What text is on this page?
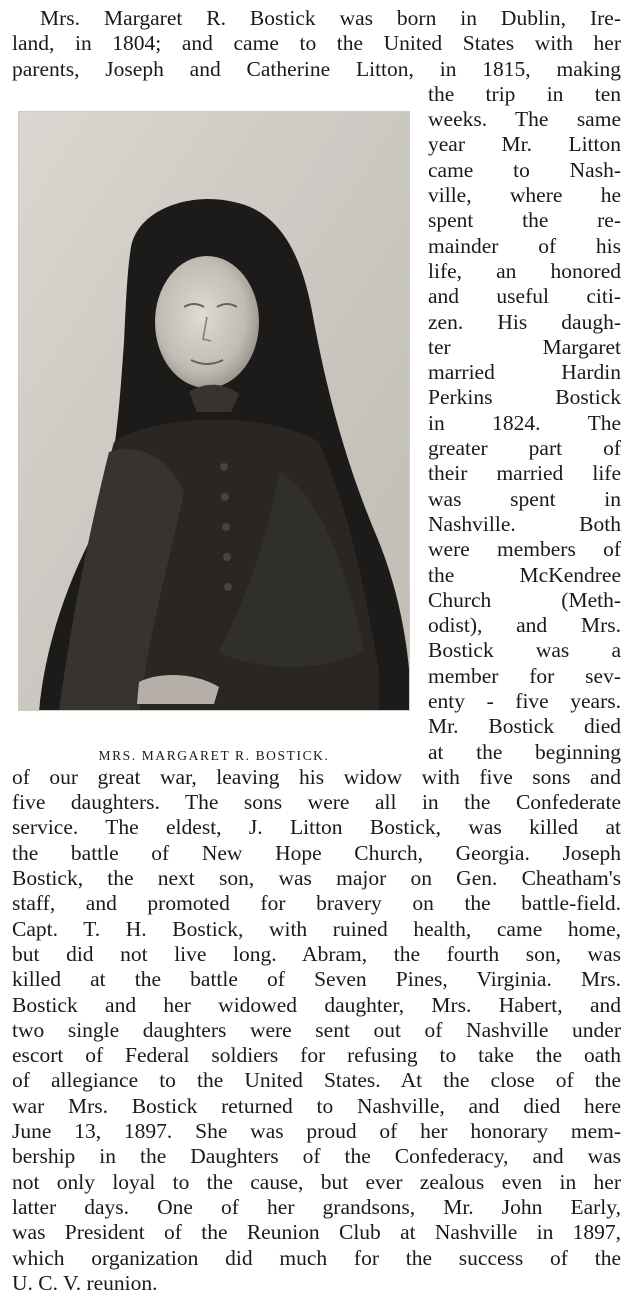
Mrs. Margaret R. Bostick was born in Dublin, Ire-
land, in 1804; and came to the United States with her
parents, Joseph and Catherine Litton, in 1815, making
MRS. MARGARET R. BOSTICK.
the trip in ten
weeks. The same
year Mr. Litton
came to Nash-
ville, where he
spent the re-
mainder of his
life, an honored
and useful citi-
zen. His daugh-
ter Margaret
married Hardin
Perkins Bostick
in 1824. The
greater part of
their married life
was spent in
Nashville. Both
were members of
the McKendree
Church (Meth-
odist), and Mrs.
Bostick was a
member for sev-
enty - five years.
Mr. Bostick died
at the beginning
of our great war, leaving his widow with five sons and
five daughters. The sons were all in the Confederate
service. The eldest, J. Litton Bostick, was killed at
the battle of New Hope Church, Georgia. Joseph
Bostick, the next son, was major on Gen. Cheatham's
staff, and promoted for bravery on the battle-field.
Capt. T. H. Bostick, with ruined health, came home,
but did not live long. Abram, the fourth son, was
killed at the battle of Seven Pines, Virginia. Mrs.
Bostick and her widowed daughter, Mrs. Habert, and
two single daughters were sent out of Nashville under
escort of Federal soldiers for refusing to take the oath
of allegiance to the United States. At the close of the
war Mrs. Bostick returned to Nashville, and died here
June 13, 1897. She was proud of her honorary mem-
bership in the Daughters of the Confederacy, and was
not only loyal to the cause, but ever zealous even in her
latter days. One of her grandsons, Mr. John Early,
was President of the Reunion Club at Nashville in 1897,
which organization did much for the success of the
U. C. V. reunion.
